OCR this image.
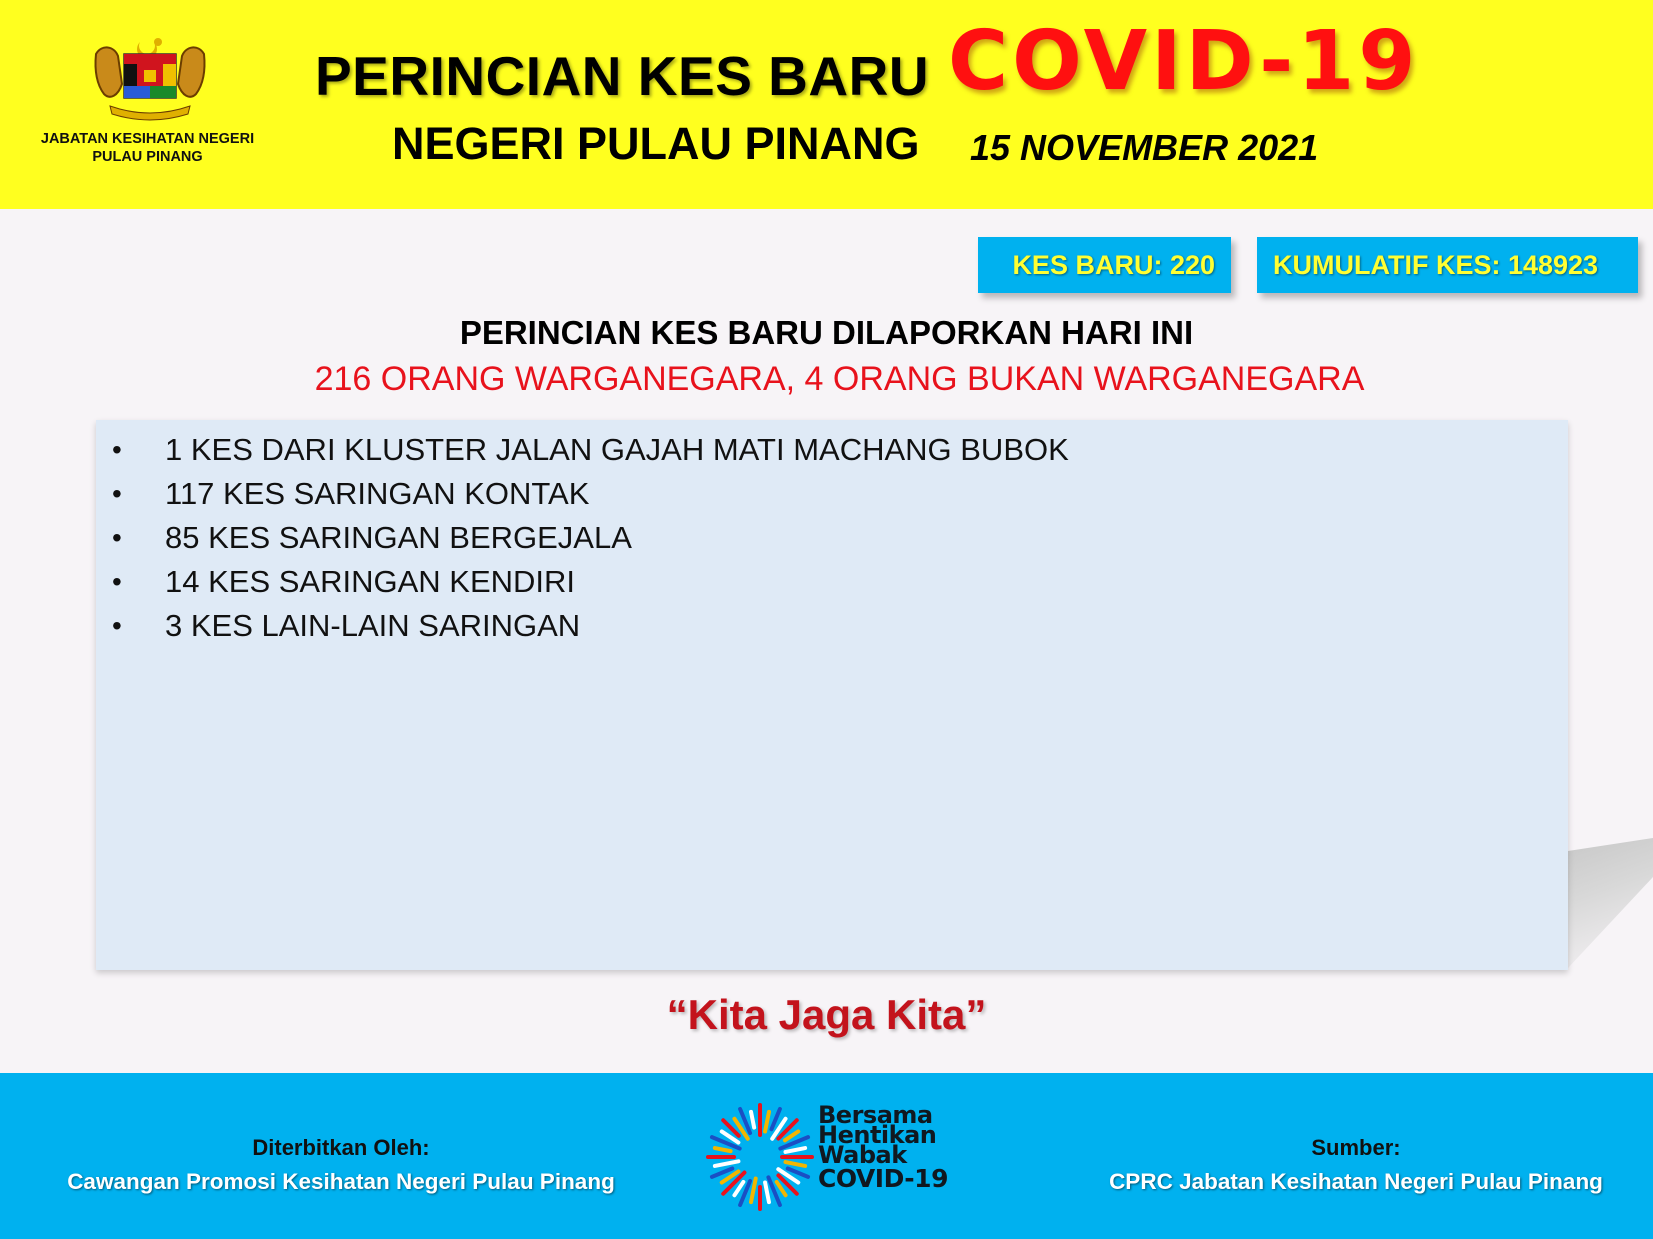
JABATAN KESIHATAN NEGERI
PULAU PINANG
PERINCIAN KES BARU COVID-19
NEGERI PULAU PINANG 15 NOVEMBER 2021
KES BARU: 220	KUMULATIF KES: 148923
PERINCIAN KES BARU DILAPORKAN HARI INI
216 ORANG WARGANEGARA, 4 ORANG BUKAN WARGANEGARA
• 1 KES DARI KLUSTER JALAN GAJAH MATI MACHANG BUBOK
• 117 KES SARINGAN KONTAK
• 85 KES SARINGAN BERGEJALA
• 14 KES SARINGAN KENDIRI
• 3 KES LAIN-LAIN SARINGAN
“Kita Jaga Kita”
Diterbitkan Oleh:
Cawangan Promosi Kesihatan Negeri Pulau Pinang
Bersama
Hentikan
Wabak
COVID-19
Sumber:
CPRC Jabatan Kesihatan Negeri Pulau Pinang
